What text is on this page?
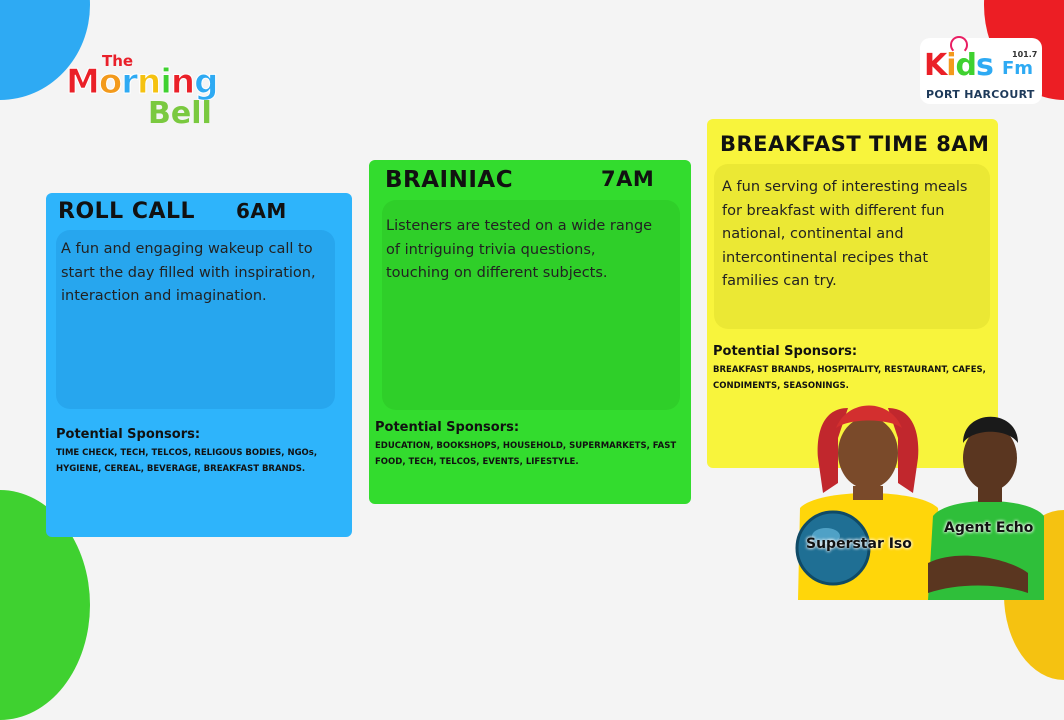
The
Morning
Bell
Kids 101.7
Fm
PORT HARCOURT
ROLL CALL 6AM
A fun and engaging wakeup call to start the day filled with inspiration, interaction and imagination.
Potential Sponsors:
TIME CHECK, TECH, TELCOS, RELIGOUS BODIES, NGOs, HYGIENE, CEREAL, BEVERAGE, BREAKFAST BRANDS.
BRAINIAC	7AM
Listeners are tested on a wide range of intriguing trivia questions, touching on different subjects.
Potential Sponsors:
EDUCATION, BOOKSHOPS, HOUSEHOLD, SUPERMARKETS, FAST FOOD, TECH, TELCOS, EVENTS, LIFESTYLE.
BREAKFAST TIME 8AM
A fun serving of interesting meals for breakfast with different fun national, continental and intercontinental recipes that families can try.
Potential Sponsors:
BREAKFAST BRANDS, HOSPITALITY, RESTAURANT, CAFES, CONDIMENTS, SEASONINGS.
Superstar Iso
Agent Echo
